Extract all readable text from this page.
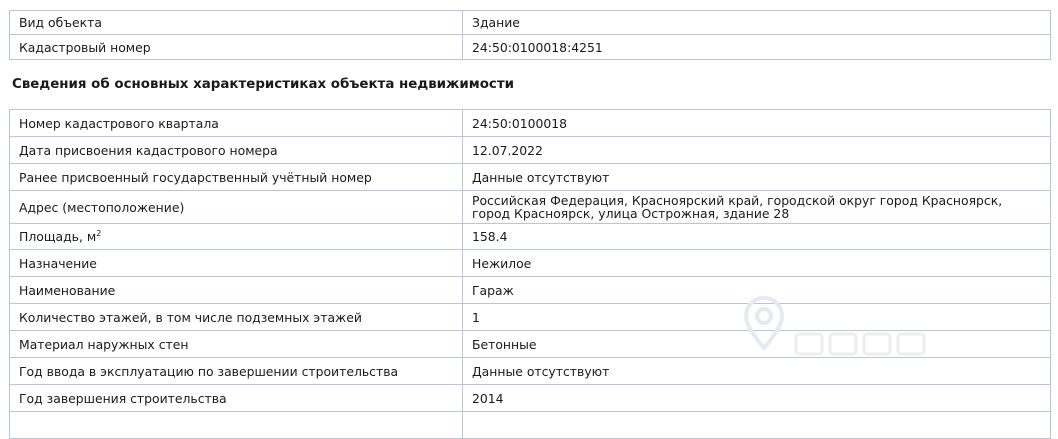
Вид объекта	Здание
Кадастровый номер	24:50:0100018:4251
Сведения об основных характеристиках объекта недвижимости
Номер кадастрового квартала	24:50:0100018
Дата присвоения кадастрового номера	12.07.2022
Ранее присвоенный государственный учётный номер	Данные отсутствуют
Адрес (местоположение)	Российская Федерация, Красноярский край, городской округ город Красноярск, город Красноярск, улица Острожная, здание 28
Площадь, $м^2$	158.4
Назначение	Нежилое
Наименование	Гараж
Количество этажей, в том числе подземных этажей	1
Материал наружных стен	Бетонные
Год ввода в эксплуатацию по завершении строительства	Данные отсутствуют
Год завершения строительства	2014
